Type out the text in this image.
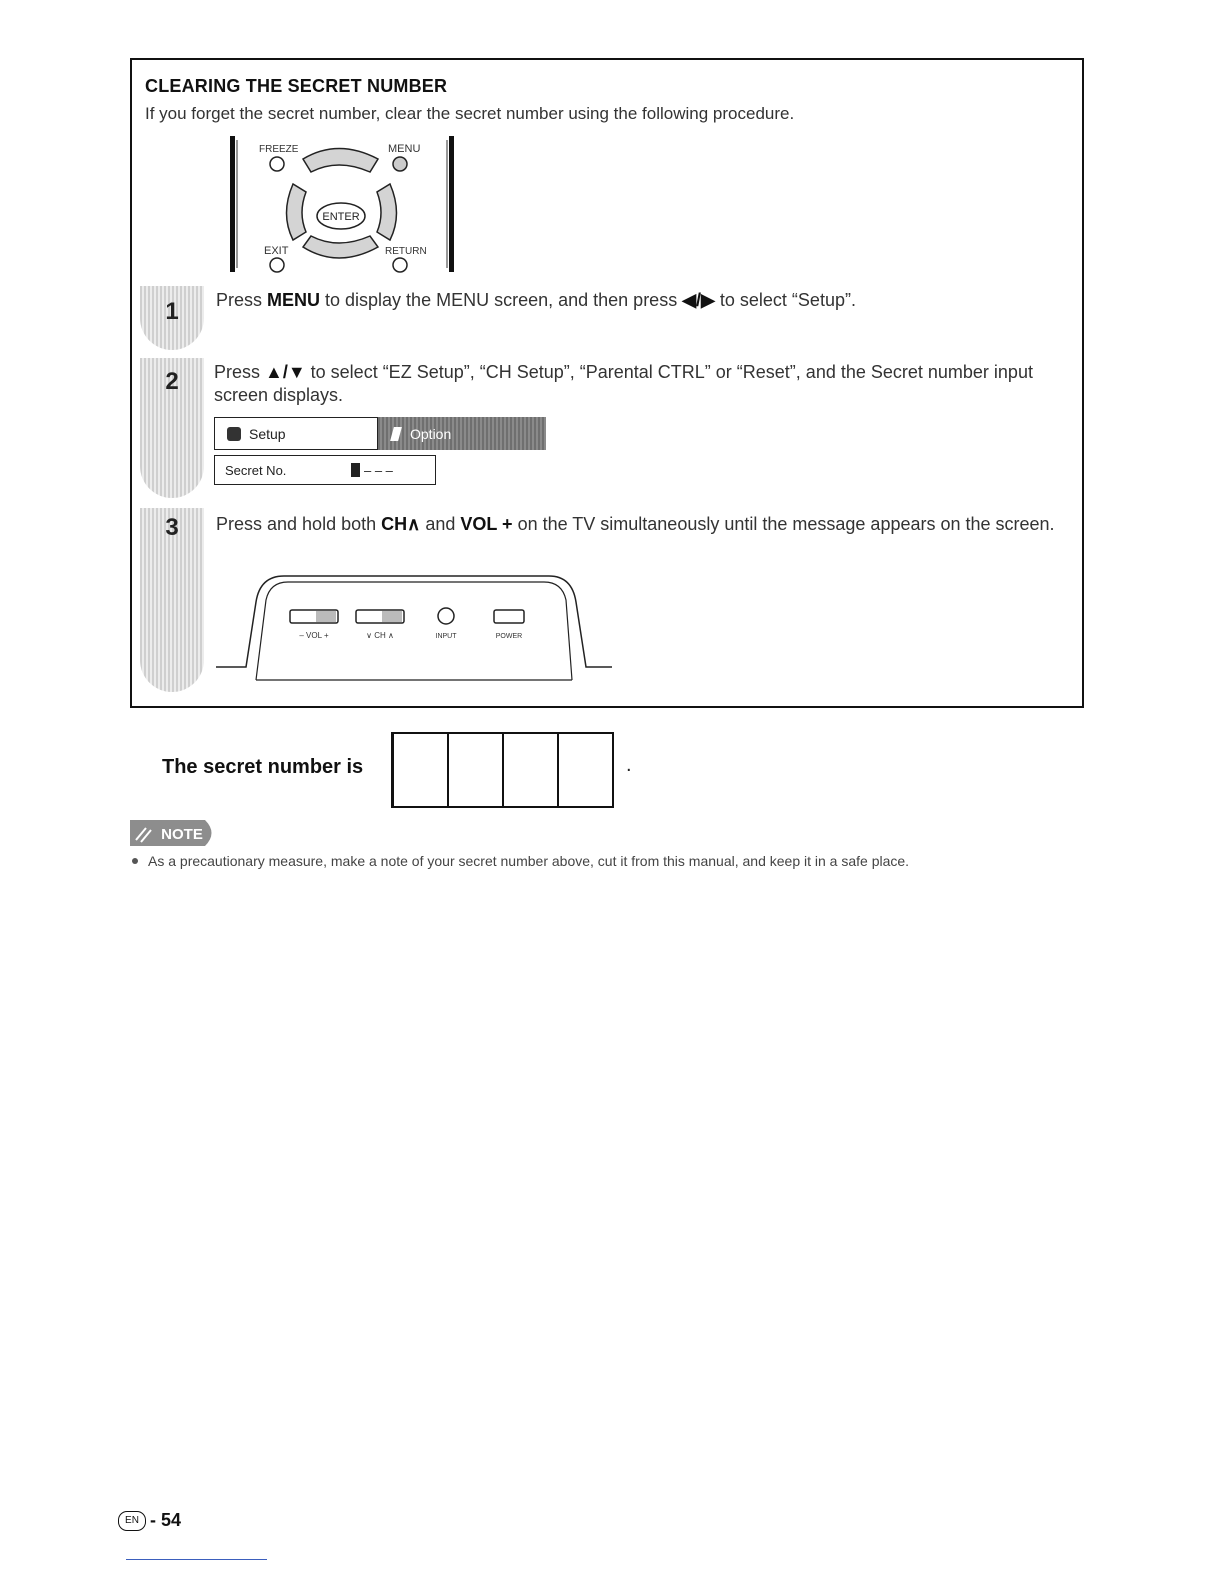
CLEARING THE SECRET NUMBER
If you forget the secret number, clear the secret number using the following procedure.
FREEZE	MENU
ENTER
EXIT	RETURN
1	Press MENU to display the MENU screen, and then press ◀/▶ to select “Setup”.
2	Press ▲/▼ to select “EZ Setup”, “CH Setup”, “Parental CTRL” or “Reset”, and the Secret number input screen displays.
Setup	Option
Secret No.	– – –
3	Press and hold both CH∧ and VOL + on the TV simultaneously until the message appears on the screen.
– VOL +	∨ CH ∧	INPUT	POWER
The secret number is	.
NOTE
As a precautionary measure, make a note of your secret number above, cut it from this manual, and keep it in a safe place.
EN - 54
